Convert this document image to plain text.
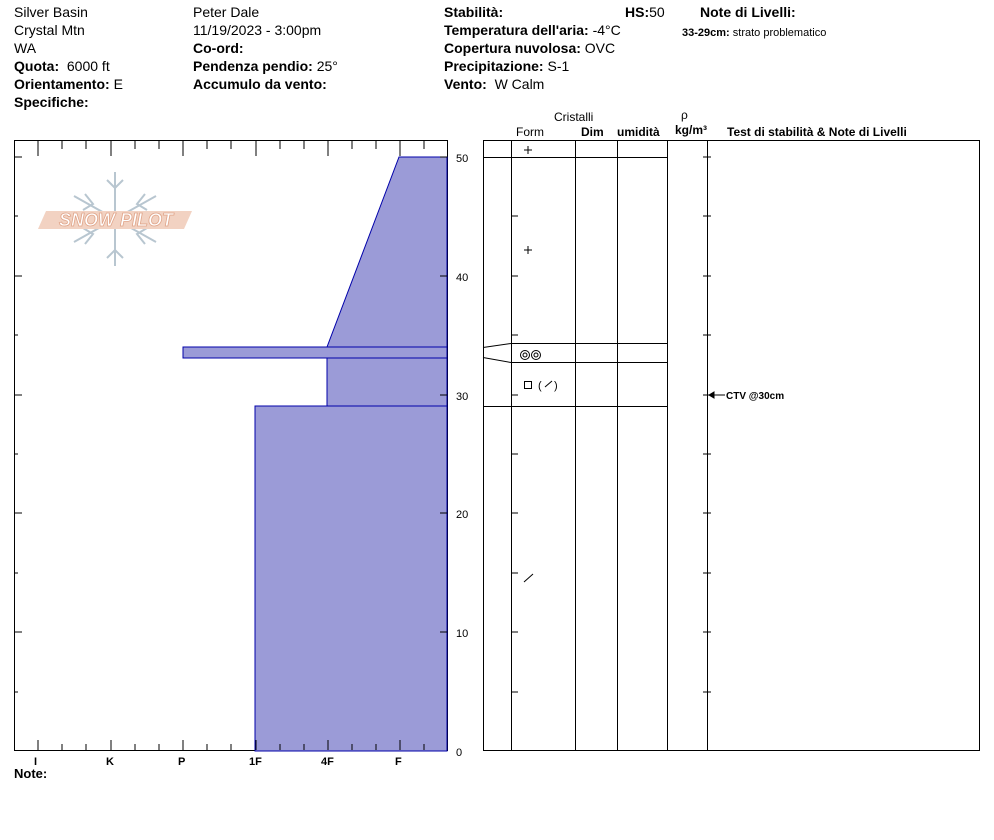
Silver Basin
Crystal Mtn
WA
Quota: 6000 ft
Orientamento: E
Specifiche:
Peter Dale
11/19/2023 - 3:00pm
Co-ord:
Pendenza pendio: 25°
Accumulo da vento:
Stabilità:	HS:50
Temperatura dell'aria: -4°C
Copertura nuvolosa: OVC
Precipitazione: S-1
Vento: W Calm
Note di Livelli:
33-29cm: strato problematico
Cristalli
Form	Dim umidità
ρ
kg/m³ Test di stabilità & Note di Livelli
SNOW PILOT
( )
I	K	P	1F	4F	F
50
40
30
20
10
0
CTV @30cm
Note:
